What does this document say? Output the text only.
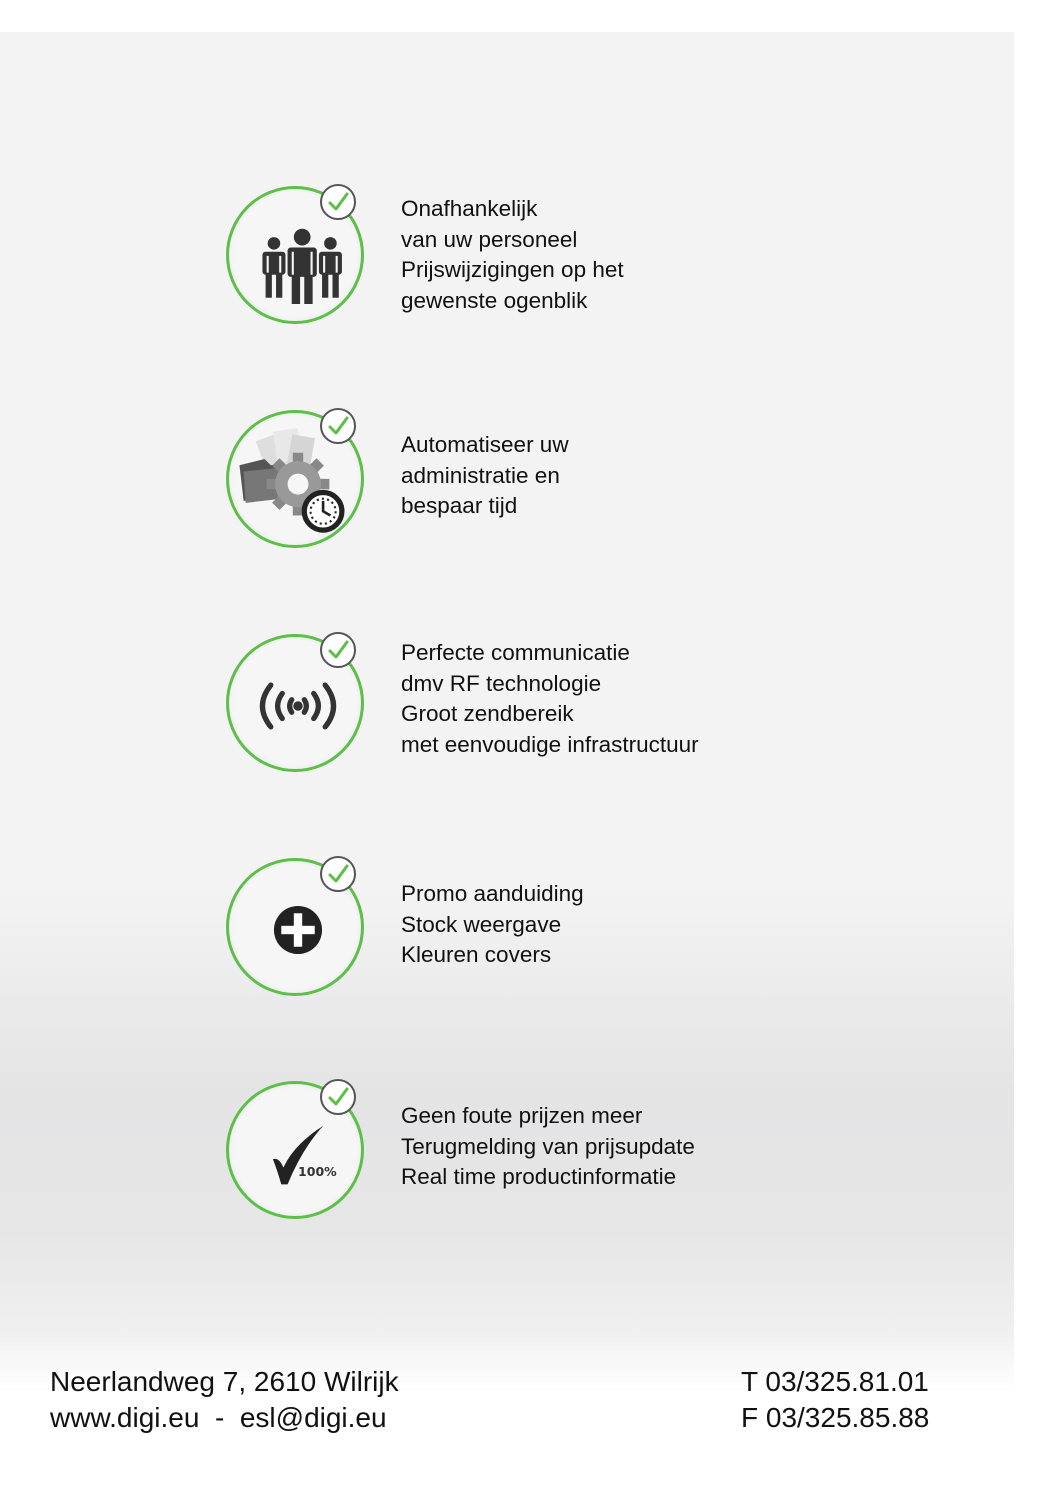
Onafhankelijk
van uw personeel
Prijswijzigingen op het
gewenste ogenblik
Automatiseer uw
administratie en
bespaar tijd
Perfecte communicatie
dmv RF technologie
Groot zendbereik
met eenvoudige infrastructuur
Promo aanduiding
Stock weergave
Kleuren covers
100%
Geen foute prijzen meer
Terugmelding van prijsupdate
Real time productinformatie
Neerlandweg 7, 2610 Wilrijk
www.digi.eu  -  esl@digi.eu
T 03/325.81.01
F 03/325.85.88
